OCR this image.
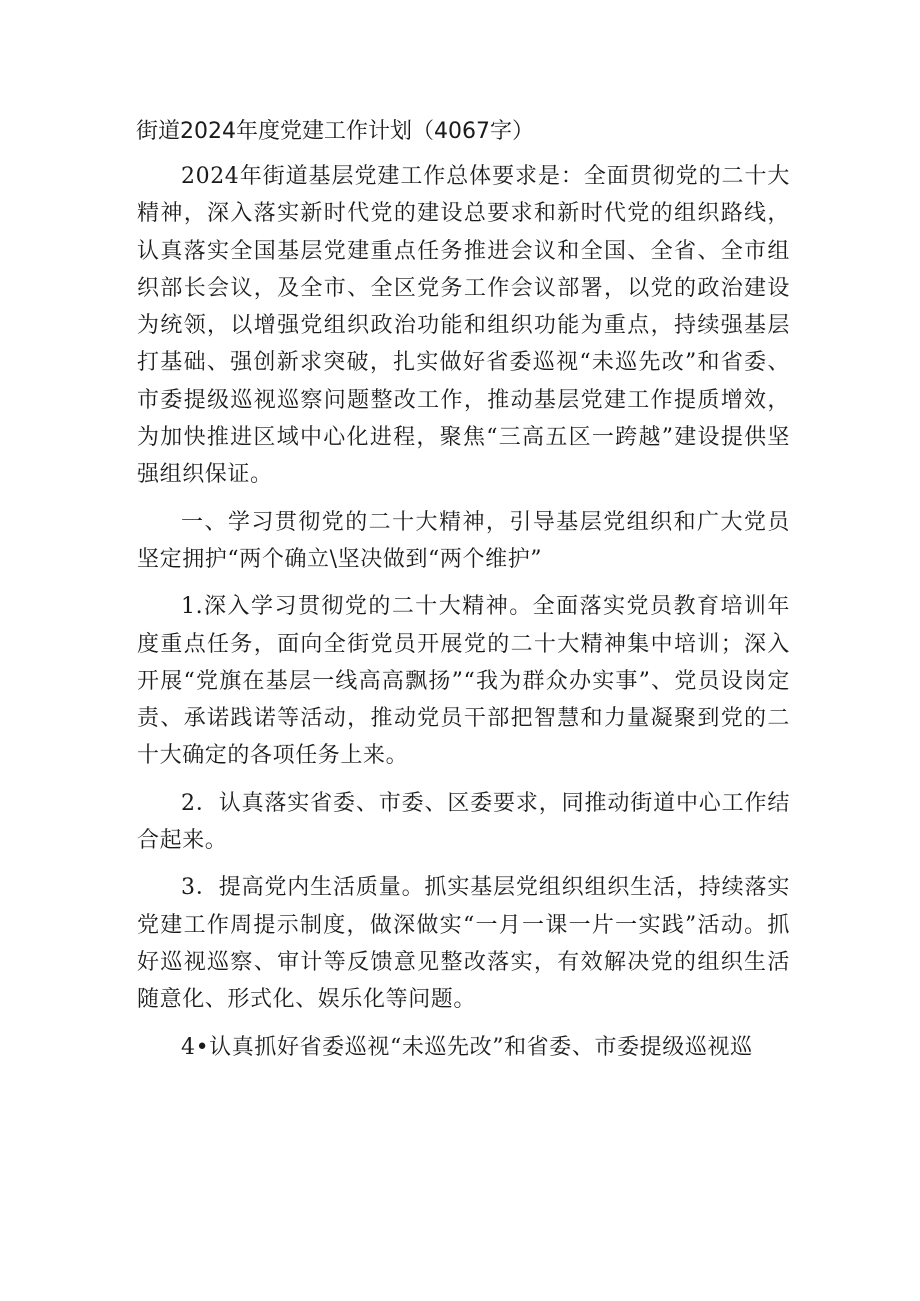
街道2024年度党建工作计划（4067字）

2024年街道基层党建工作总体要求是：全面贯彻党的二十大精神，深入落实新时代党的建设总要求和新时代党的组织路线，认真落实全国基层党建重点任务推进会议和全国、全省、全市组织部长会议，及全市、全区党务工作会议部署，以党的政治建设为统领，以增强党组织政治功能和组织功能为重点，持续强基层打基础、强创新求突破，扎实做好省委巡视“未巡先改”和省委、市委提级巡视巡察问题整改工作，推动基层党建工作提质增效，为加快推进区域中心化进程，聚焦“三高五区一跨越”建设提供坚强组织保证。

一、学习贯彻党的二十大精神，引导基层党组织和广大党员坚定拥护“两个确立\坚决做到“两个维护”

1.深入学习贯彻党的二十大精神。全面落实党员教育培训年度重点任务，面向全街党员开展党的二十大精神集中培训；深入开展“党旗在基层一线高高飘扬”“我为群众办实事”、党员设岗定责、承诺践诺等活动，推动党员干部把智慧和力量凝聚到党的二十大确定的各项任务上来。

2．认真落实省委、市委、区委要求，同推动街道中心工作结合起来。

3．提高党内生活质量。抓实基层党组织组织生活，持续落实党建工作周提示制度，做深做实“一月一课一片一实践”活动。抓好巡视巡察、审计等反馈意见整改落实，有效解决党的组织生活随意化、形式化、娱乐化等问题。

4•认真抓好省委巡视“未巡先改”和省委、市委提级巡视巡
